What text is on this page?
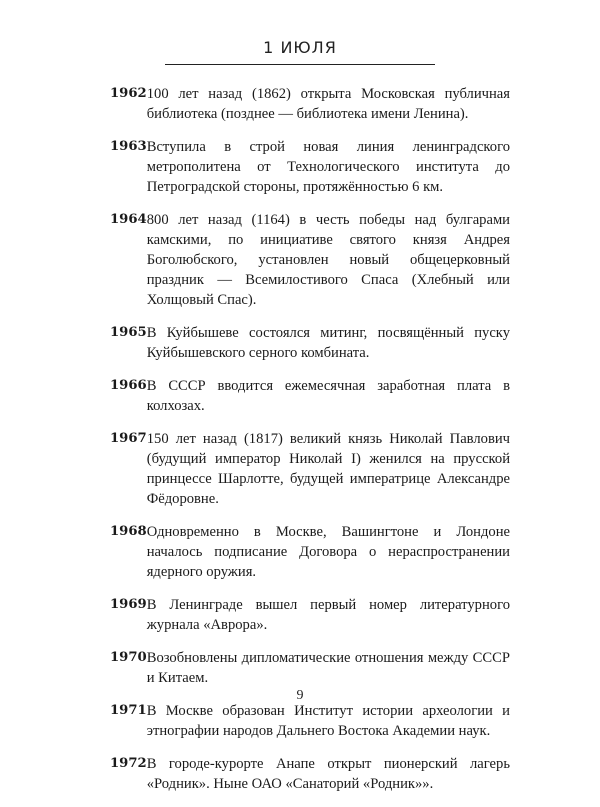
1 ИЮЛЯ
1962 100 лет назад (1862) открыта Московская публичная библиотека (позднее — библиотека имени Ленина).
1963 Вступила в строй новая линия ленинградского метрополитена от Технологического института до Петроградской стороны, протяжённостью 6 км.
1964 800 лет назад (1164) в честь победы над булгарами камскими, по инициативе святого князя Андрея Боголюбского, установлен новый общецерковный праздник — Всемилостивого Спаса (Хлебный или Холщовый Спас).
1965 В Куйбышеве состоялся митинг, посвящённый пуску Куйбышевского серного комбината.
1966 В СССР вводится ежемесячная заработная плата в колхозах.
1967 150 лет назад (1817) великий князь Николай Павлович (будущий император Николай I) женился на прусской принцессе Шарлотте, будущей императрице Александре Фёдоровне.
1968 Одновременно в Москве, Вашингтоне и Лондоне началось подписание Договора о нераспространении ядерного оружия.
1969 В Ленинграде вышел первый номер литературного журнала «Аврора».
1970 Возобновлены дипломатические отношения между СССР и Китаем.
1971 В Москве образован Институт истории археологии и этнографии народов Дальнего Востока Академии наук.
1972 В городе-курорте Анапе открыт пионерский лагерь «Родник». Ныне ОАО «Санаторий «Родник»».
9
